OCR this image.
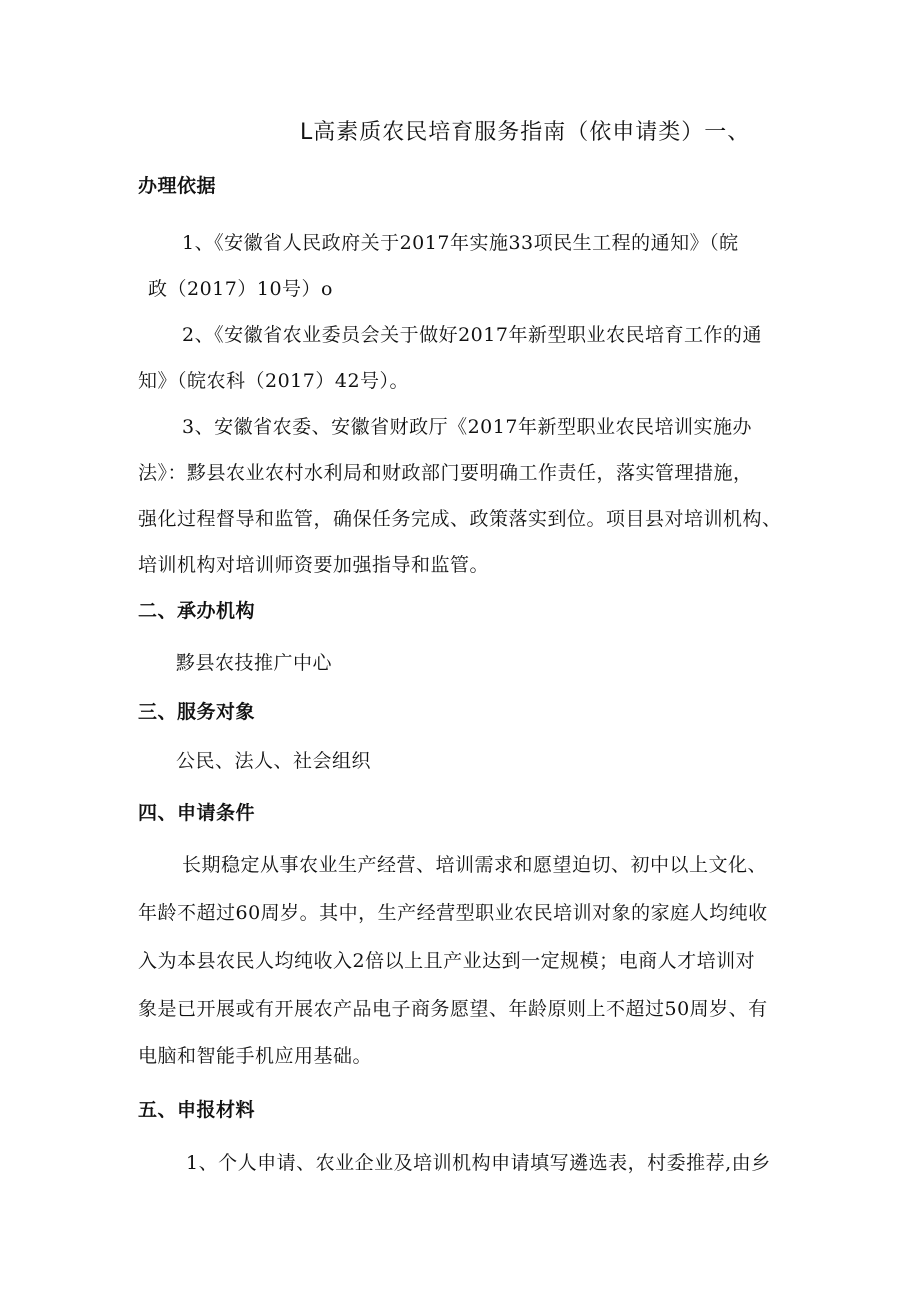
L高素质农民培育服务指南（依申请类）一、
办理依据
1、《安徽省人民政府关于2017年实施33项民生工程的通知》（皖
政（2017）10号）o
2、《安徽省农业委员会关于做好2017年新型职业农民培育工作的通
知》（皖农科（2017）42号）。
3、安徽省农委、安徽省财政厅《2017年新型职业农民培训实施办
法》：黟县农业农村水利局和财政部门要明确工作责任，落实管理措施，
强化过程督导和监管，确保任务完成、政策落实到位。项目县对培训机构、
培训机构对培训师资要加强指导和监管。
二、承办机构
黟县农技推广中心
三、服务对象
公民、法人、社会组织
四、申请条件
长期稳定从事农业生产经营、培训需求和愿望迫切、初中以上文化、
年龄不超过60周岁。其中，生产经营型职业农民培训对象的家庭人均纯收
入为本县农民人均纯收入2倍以上且产业达到一定规模；电商人才培训对
象是已开展或有开展农产品电子商务愿望、年龄原则上不超过50周岁、有
电脑和智能手机应用基础。
五、申报材料
1、个人申请、农业企业及培训机构申请填写遴选表，村委推荐,由乡
